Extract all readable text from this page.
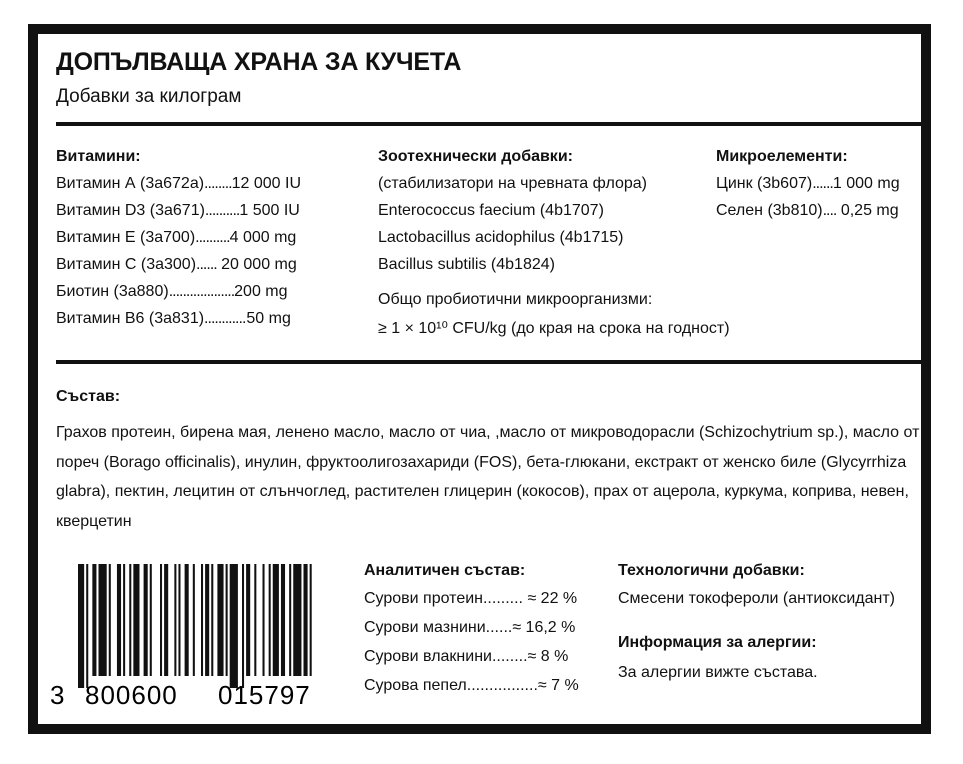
ДОПЪЛВАЩА ХРАНА ЗА КУЧЕТА
Добавки за килограм
Витамини:
Витамин А (3а672а)........12 000 IU
Витамин D3 (3а671)..........1 500 IU
Витамин Е (3а700)..........4 000 mg
Витамин С (3а300)...... 20 000 mg
Биотин (3а880)...................200 mg
Витамин В6 (3а831)............50 mg
Зоотехнически добавки:
(стабилизатори на чревната флора)
Enterococcus faecium (4b1707)
Lactobacillus acidophilus (4b1715)
Bacillus subtilis (4b1824)
Общо пробиотични микроорганизми:
≥ 1 × 10¹⁰ CFU/kg (до края на срока на годност)
Микроелементи:
Цинк (3b607)......1 000 mg
Селен (3b810).... 0,25 mg
Състав:
Грахов протеин, бирена мая, ленено масло, масло от чиа, ,масло от микроводорасли (Schizochytrium sp.), масло от пореч (Borago officinalis), инулин, фруктоолигозахариди (FOS), бета-глюкани, екстракт от женско биле (Glycyrrhiza glabra), пектин, лецитин от слънчоглед, растителен глицерин (кокосов), прах от ацерола, куркума, коприва, невен, кверцетин
3 800600 015797
Аналитичен състав:
Сурови протеин......... ≈ 22 %
Сурови мазнини......≈ 16,2 %
Сурови влакнини........≈ 8 %
Сурова пепел................≈ 7 %
Технологични добавки:
Смесени токофероли (антиоксидант)
Информация за алергии:
За алергии вижте състава.
